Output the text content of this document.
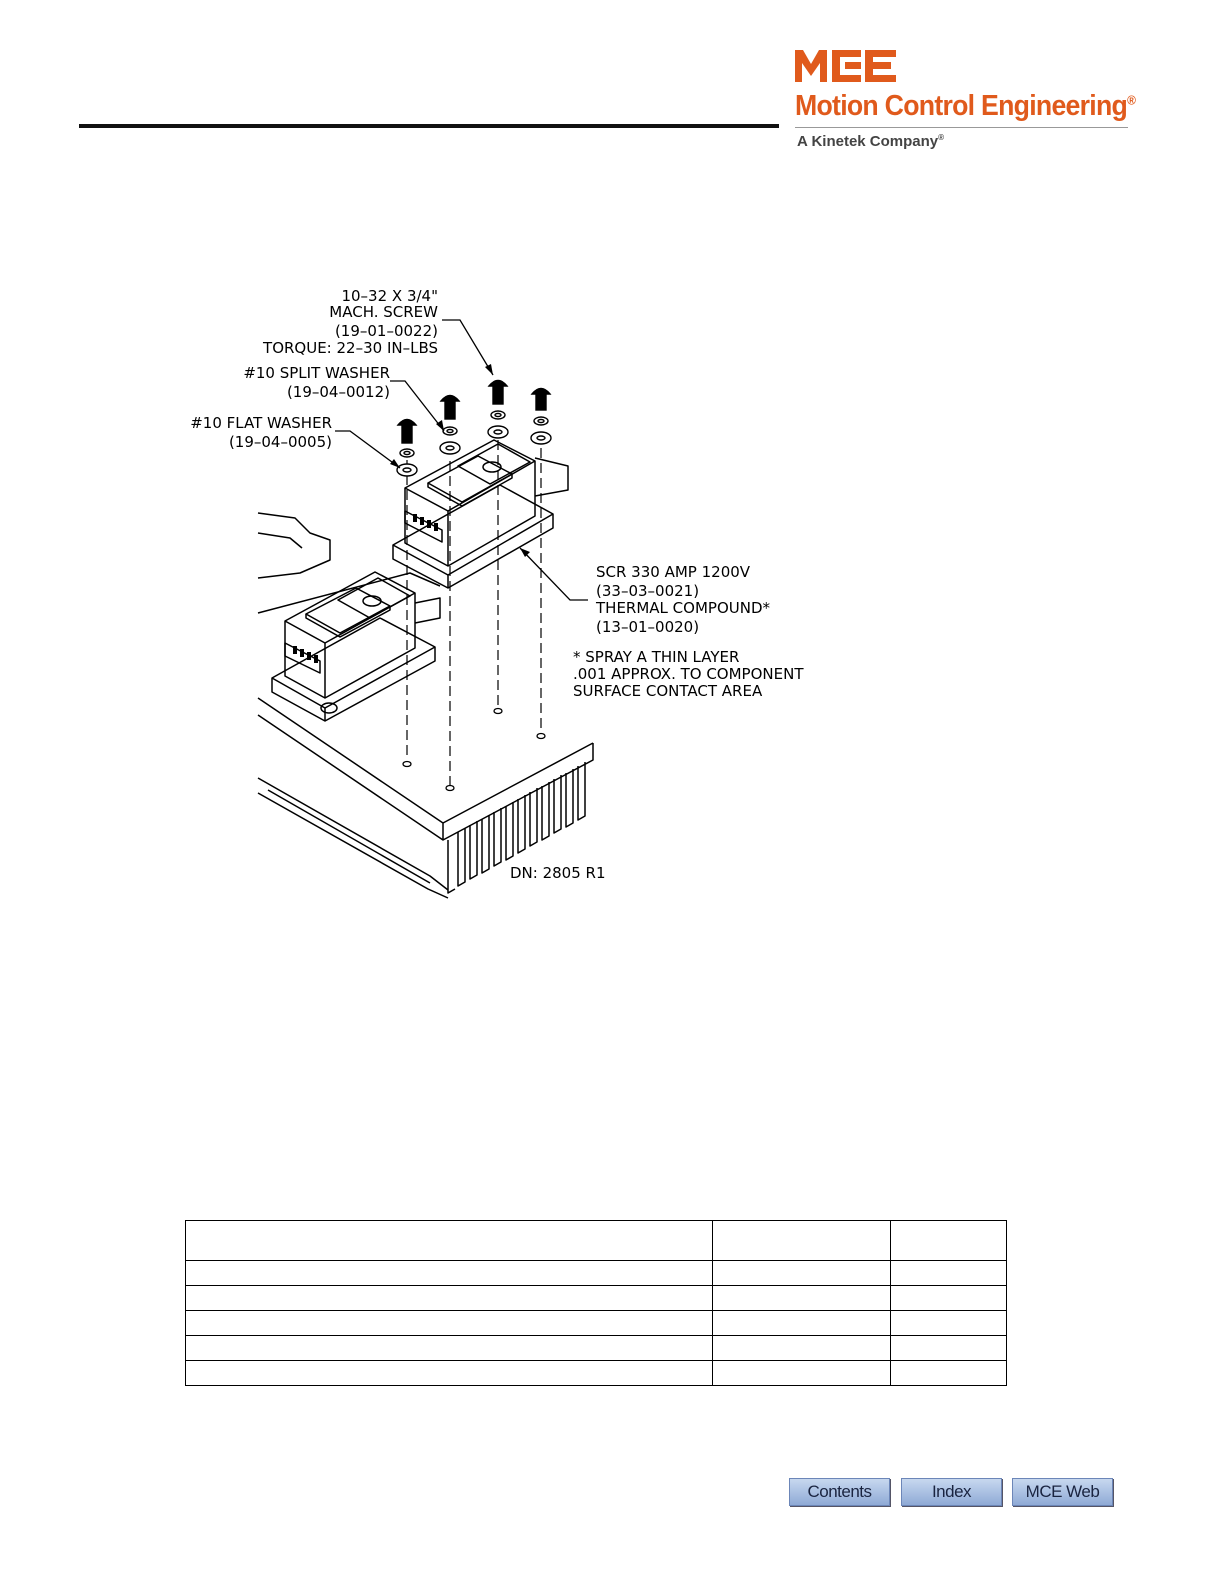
Motion Control Engineering®
A Kinetek Company®
10–32 X 3/4"
MACH. SCREW
(19–01–0022)
TORQUE: 22–30 IN–LBS
#10 SPLIT WASHER
(19–04–0012)
#10 FLAT WASHER
(19–04–0005)
SCR 330 AMP 1200V
(33–03–0021)
THERMAL COMPOUND*
(13–01–0020)
* SPRAY A THIN LAYER
.001 APPROX. TO COMPONENT
SURFACE CONTACT AREA
DN: 2805 R1

Contents	Index	MCE Web
